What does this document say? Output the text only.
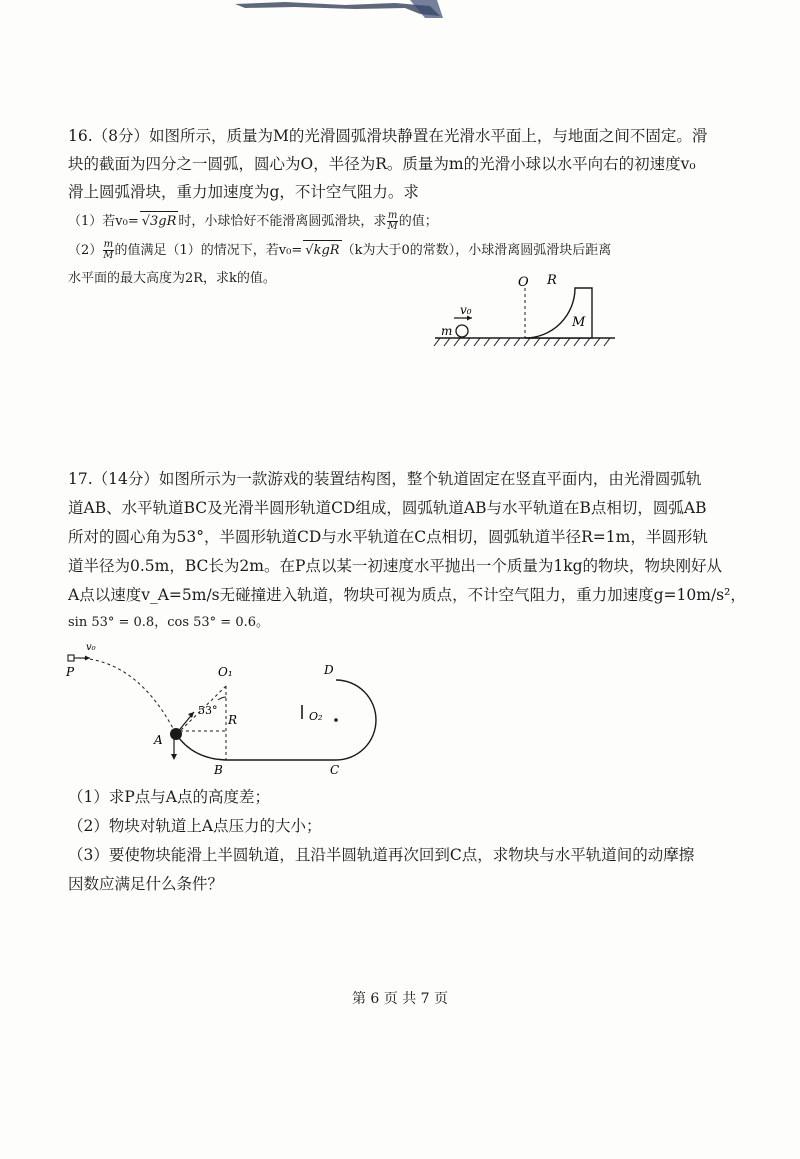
16.（8分）如图所示，质量为M的光滑圆弧滑块静置在光滑水平面上，与地面之间不固定。滑
块的截面为四分之一圆弧，圆心为O，半径为R。质量为m的光滑小球以水平向右的初速度v₀
滑上圆弧滑块，重力加速度为g，不计空气阻力。求
（1）若v₀= √3gR 时，小球恰好不能滑离圆弧滑块，求 $\frac{m}{M}$ 的值；
$(2) \frac{m}{M}$ 的值满足（1）的情况下，若v₀= √kgR （k为大于0的常数），小球滑离圆弧滑块后距离
水平面的最大高度为2R，求k的值。
v₀
m
O R
M
17.（14分）如图所示为一款游戏的装置结构图，整个轨道固定在竖直平面内，由光滑圆弧轨
道AB、水平轨道BC及光滑半圆形轨道CD组成，圆弧轨道AB与水平轨道在B点相切，圆弧AB
所对的圆心角为53°，半圆形轨道CD与水平轨道在C点相切，圆弧轨道半径R=1m，半圆形轨
道半径为0.5m，BC长为2m。在P点以某一初速度水平抛出一个质量为1kg的物块，物块刚好从
A点以速度v_A=5m/s无碰撞进入轨道，物块可视为质点，不计空气阻力，重力加速度g=10m/s²，
sin 53° = 0.8，cos 53° = 0.6。
v₀
P	O₁
53°
R
A
B	C
D
O₂
（1）求P点与A点的高度差；
（2）物块对轨道上A点压力的大小；
（3）要使物块能滑上半圆轨道，且沿半圆轨道再次回到C点，求物块与水平轨道间的动摩擦
因数应满足什么条件？
第 6 页 共 7 页
